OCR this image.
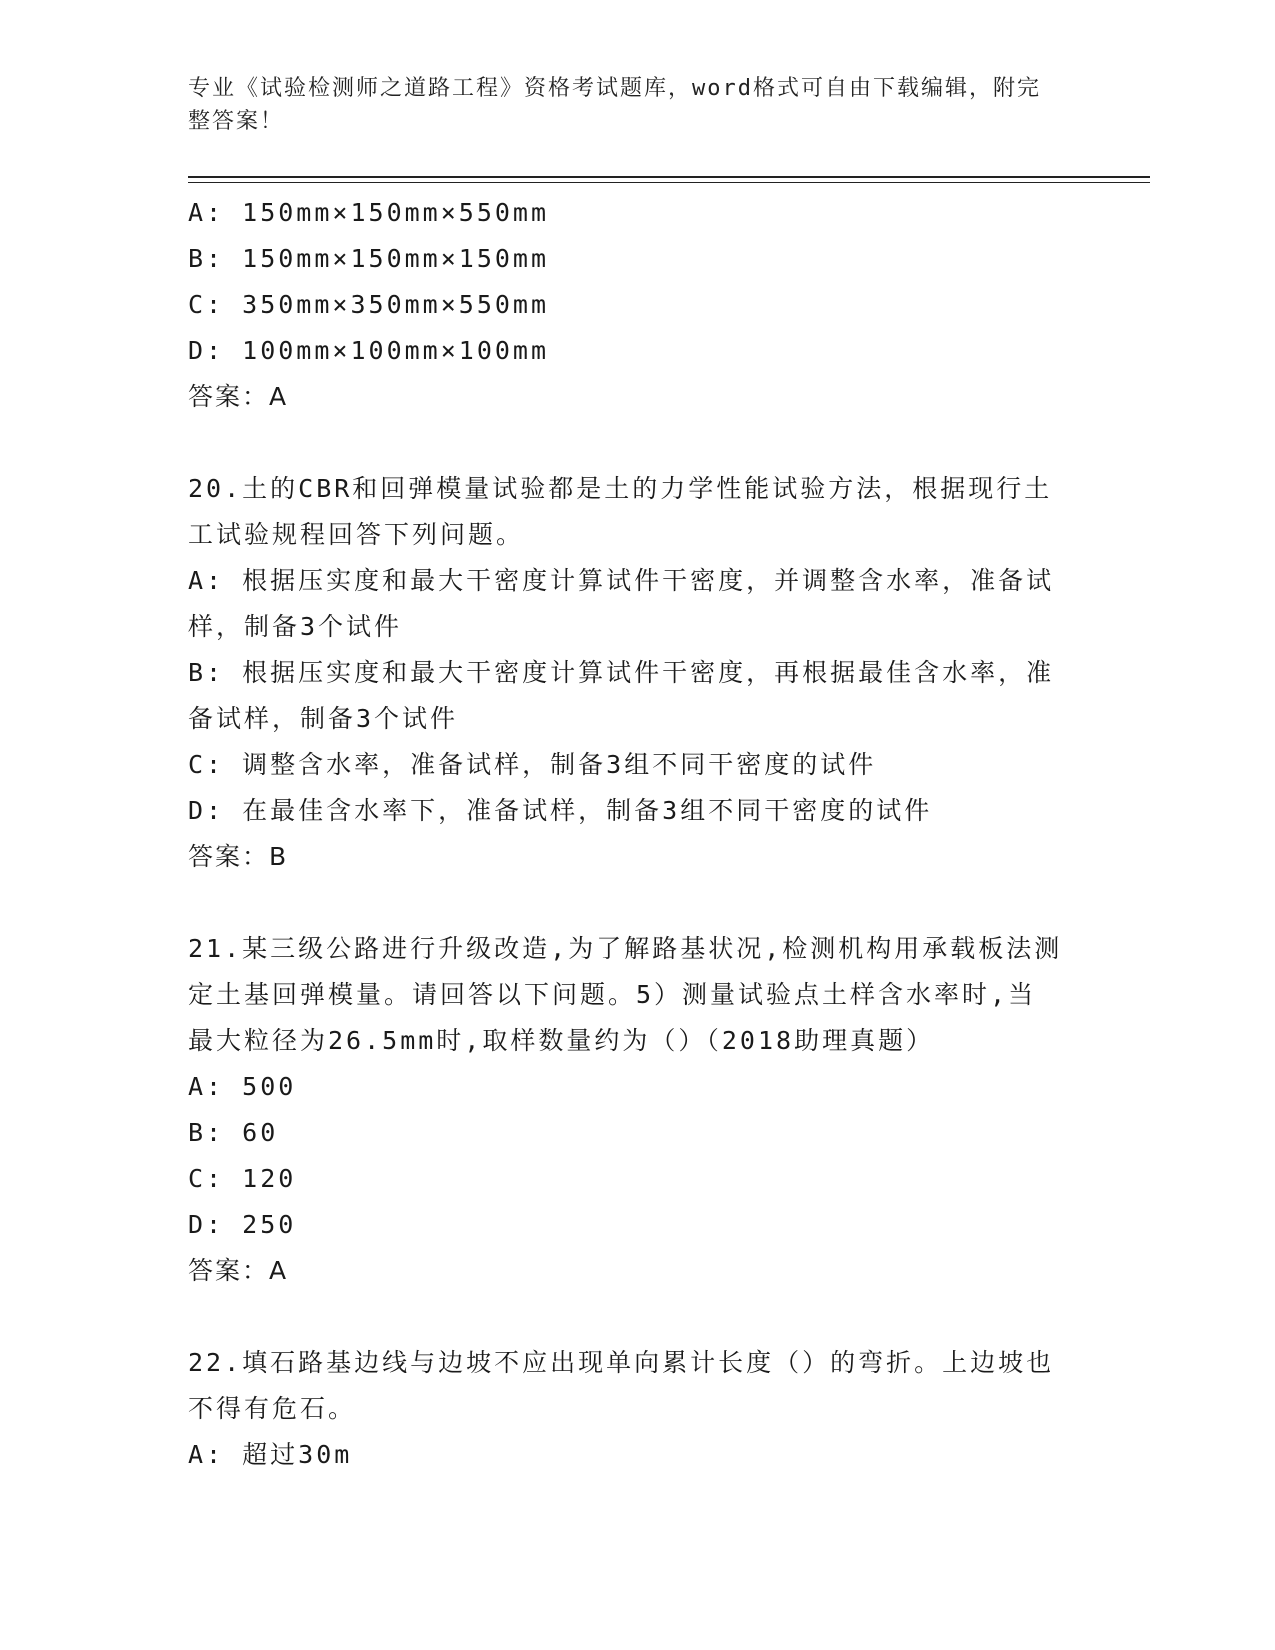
专业《试验检测师之道路工程》资格考试题库，word格式可自由下载编辑，附完
整答案！

A: 150mm×150mm×550mm

B: 150mm×150mm×150mm

C: 350mm×350mm×550mm

D: 100mm×100mm×100mm

答案：A

20.土的CBR和回弹模量试验都是土的力学性能试验方法，根据现行土

工试验规程回答下列问题。

A: 根据压实度和最大干密度计算试件干密度，并调整含水率，准备试

样，制备3个试件

B: 根据压实度和最大干密度计算试件干密度，再根据最佳含水率，准

备试样，制备3个试件

C: 调整含水率，准备试样，制备3组不同干密度的试件

D: 在最佳含水率下，准备试样，制备3组不同干密度的试件

答案：B

21.某三级公路进行升级改造,为了解路基状况,检测机构用承载板法测

定土基回弹模量。请回答以下问题。5）测量试验点土样含水率时,当

最大粒径为26.5mm时,取样数量约为（）（2018助理真题）

A: 500

B: 60

C: 120

D: 250

答案：A

22.填石路基边线与边坡不应出现单向累计长度（）的弯折。上边坡也

不得有危石。

A: 超过30m
